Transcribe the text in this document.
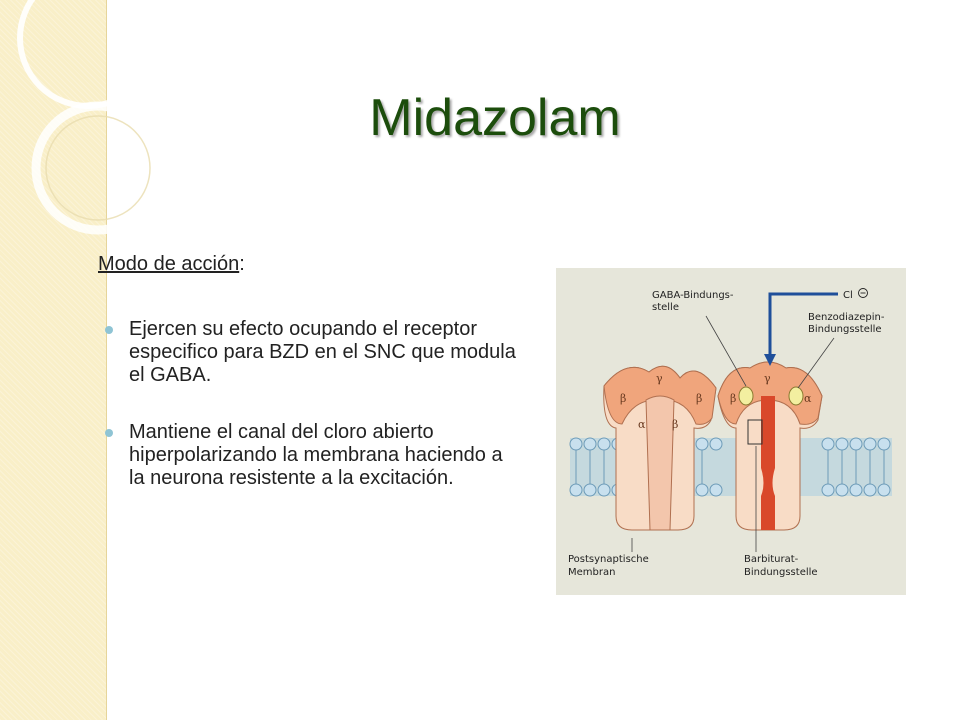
Midazolam
Modo de acción:
Ejercen su efecto ocupando el receptor especifico para BZD en el SNC que modula el GABA.
Mantiene el canal del cloro abierto hiperpolarizando la membrana haciendo a la neurona resistente a la excitación.
γ
β	β
α β
γ
β	α
Cl
GABA-Bindungs-
stelle
Benzodiazepin-
Bindungsstelle
Postsynaptische
Membran
Barbiturat-
Bindungsstelle
